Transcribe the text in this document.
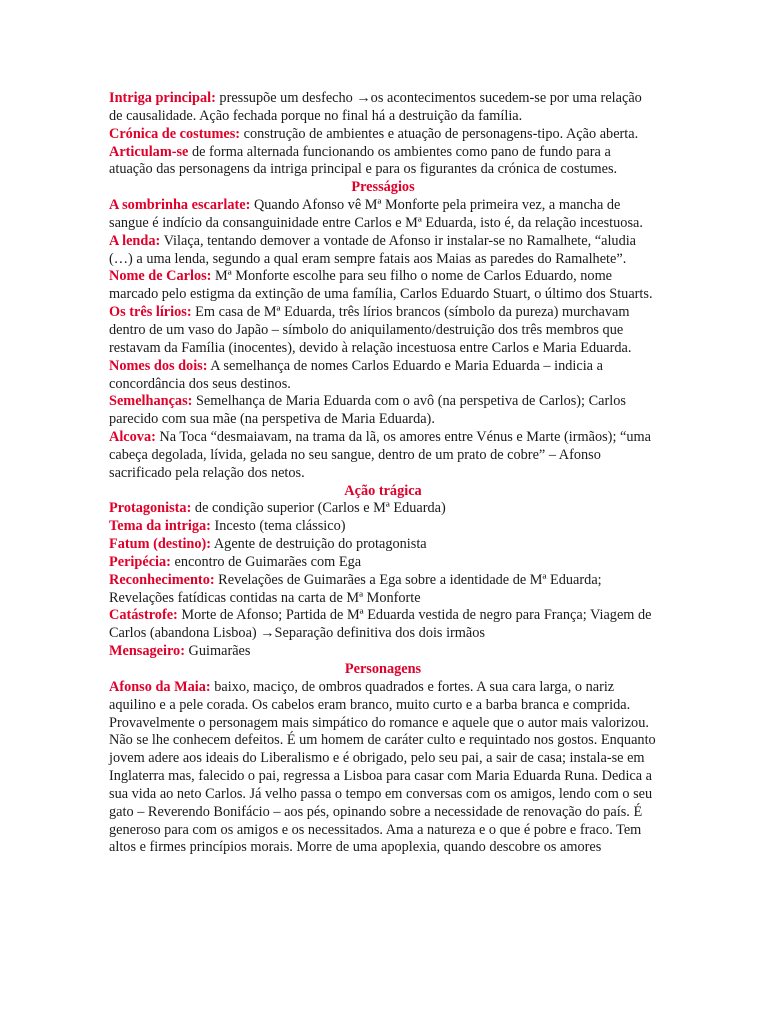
Intriga principal: pressupõe um desfecho →os acontecimentos sucedem-se por uma relação de causalidade. Ação fechada porque no final há a destruição da família.

Crónica de costumes: construção de ambientes e atuação de personagens-tipo. Ação aberta.

Articulam-se de forma alternada funcionando os ambientes como pano de fundo para a atuação das personagens da intriga principal e para os figurantes da crónica de costumes.

Presságios

A sombrinha escarlate: Quando Afonso vê Mª Monforte pela primeira vez, a mancha de sangue é indício da consanguinidade entre Carlos e Mª Eduarda, isto é, da relação incestuosa.

A lenda: Vilaça, tentando demover a vontade de Afonso ir instalar-se no Ramalhete, “aludia (…) a uma lenda, segundo a qual eram sempre fatais aos Maias as paredes do Ramalhete”.

Nome de Carlos: Mª Monforte escolhe para seu filho o nome de Carlos Eduardo, nome marcado pelo estigma da extinção de uma família, Carlos Eduardo Stuart, o último dos Stuarts.

Os três lírios: Em casa de Mª Eduarda, três lírios brancos (símbolo da pureza) murchavam dentro de um vaso do Japão – símbolo do aniquilamento/destruição dos três membros que restavam da Família (inocentes), devido à relação incestuosa entre Carlos e Maria Eduarda.

Nomes dos dois: A semelhança de nomes Carlos Eduardo e Maria Eduarda – indicia a concordância dos seus destinos.

Semelhanças: Semelhança de Maria Eduarda com o avô (na perspetiva de Carlos); Carlos parecido com sua mãe (na perspetiva de Maria Eduarda).

Alcova: Na Toca “desmaiavam, na trama da lã, os amores entre Vénus e Marte (irmãos); “uma cabeça degolada, lívida, gelada no seu sangue, dentro de um prato de cobre” – Afonso sacrificado pela relação dos netos.

Ação trágica

Protagonista: de condição superior (Carlos e Mª Eduarda)

Tema da intriga: Incesto (tema clássico)

Fatum (destino): Agente de destruição do protagonista

Peripécia: encontro de Guimarães com Ega

Reconhecimento: Revelações de Guimarães a Ega sobre a identidade de Mª Eduarda; Revelações fatídicas contidas na carta de Mª Monforte

Catástrofe: Morte de Afonso; Partida de Mª Eduarda vestida de negro para França; Viagem de Carlos (abandona Lisboa) →Separação definitiva dos dois irmãos

Mensageiro: Guimarães

Personagens

Afonso da Maia: baixo, maciço, de ombros quadrados e fortes. A sua cara larga, o nariz aquilino e a pele corada. Os cabelos eram branco, muito curto e a barba branca e comprida. Provavelmente o personagem mais simpático do romance e aquele que o autor mais valorizou. Não se lhe conhecem defeitos. É um homem de caráter culto e requintado nos gostos. Enquanto jovem adere aos ideais do Liberalismo e é obrigado, pelo seu pai, a sair de casa; instala-se em Inglaterra mas, falecido o pai, regressa a Lisboa para casar com Maria Eduarda Runa. Dedica a sua vida ao neto Carlos. Já velho passa o tempo em conversas com os amigos, lendo com o seu gato – Reverendo Bonifácio – aos pés, opinando sobre a necessidade de renovação do país. É generoso para com os amigos e os necessitados. Ama a natureza e o que é pobre e fraco. Tem altos e firmes princípios morais. Morre de uma apoplexia, quando descobre os amores
